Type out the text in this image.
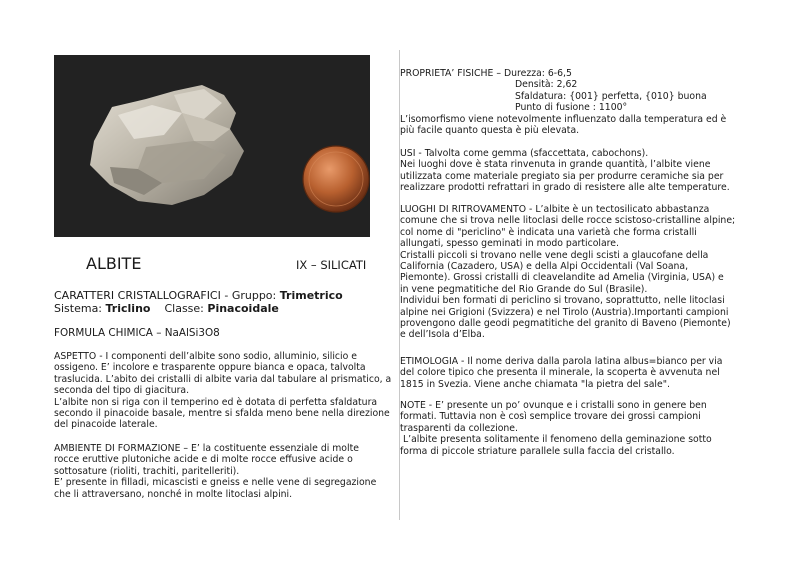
ALBITE	IX – SILICATI
CARATTERI CRISTALLOGRAFICI - Gruppo: Trimetrico
Sistema: Triclino Classe: Pinacoidale
FORMULA CHIMICA – NaAlSi3O8
ASPETTO - I componenti dell’albite sono sodio, alluminio, silicio e
ossigeno. E’ incolore e trasparente oppure bianca e opaca, talvolta
traslucida. L’abito dei cristalli di albite varia dal tabulare al prismatico, a
seconda del tipo di giacitura.
L’albite non si riga con il temperino ed è dotata di perfetta sfaldatura
secondo il pinacoide basale, mentre si sfalda meno bene nella direzione
del pinacoide laterale.
AMBIENTE DI FORMAZIONE – E’ la costituente essenziale di molte
rocce eruttive plutoniche acide e di molte rocce effusive acide o
sottosature (rioliti, trachiti, paritelleriti).
E’ presente in filladi, micascisti e gneiss e nelle vene di segregazione
che li attraversano, nonché in molte litoclasi alpini.
PROPRIETA’ FISICHE – Durezza: 6-6,5
Densità: 2,62
Sfaldatura: {001} perfetta, {010} buona
Punto di fusione : 1100°
L’isomorfismo viene notevolmente influenzato dalla temperatura ed è
più facile quanto questa è più elevata.
USI - Talvolta come gemma (sfaccettata, cabochons).
Nei luoghi dove è stata rinvenuta in grande quantità, l’albite viene
utilizzata come materiale pregiato sia per produrre ceramiche sia per
realizzare prodotti refrattari in grado di resistere alle alte temperature.
LUOGHI DI RITROVAMENTO - L’albite è un tectosilicato abbastanza
comune che si trova nelle litoclasi delle rocce scistoso-cristalline alpine;
col nome di "periclino" è indicata una varietà che forma cristalli
allungati, spesso geminati in modo particolare.
Cristalli piccoli si trovano nelle vene degli scisti a glaucofane della
California (Cazadero, USA) e della Alpi Occidentali (Val Soana,
Piemonte). Grossi cristalli di cleavelandite ad Amelia (Virginia, USA) e
in vene pegmatitiche del Rio Grande do Sul (Brasile).
Individui ben formati di periclino si trovano, soprattutto, nelle litoclasi
alpine nei Grigioni (Svizzera) e nel Tirolo (Austria).Importanti campioni
provengono dalle geodi pegmatitiche del granito di Baveno (Piemonte)
e dell’Isola d’Elba.
ETIMOLOGIA - Il nome deriva dalla parola latina albus=bianco per via
del colore tipico che presenta il minerale, la scoperta è avvenuta nel
1815 in Svezia. Viene anche chiamata "la pietra del sale".
NOTE - E’ presente un po’ ovunque e i cristalli sono in genere ben
formati. Tuttavia non è così semplice trovare dei grossi campioni
trasparenti da collezione.
L’albite presenta solitamente il fenomeno della geminazione sotto
forma di piccole striature parallele sulla faccia del cristallo.
